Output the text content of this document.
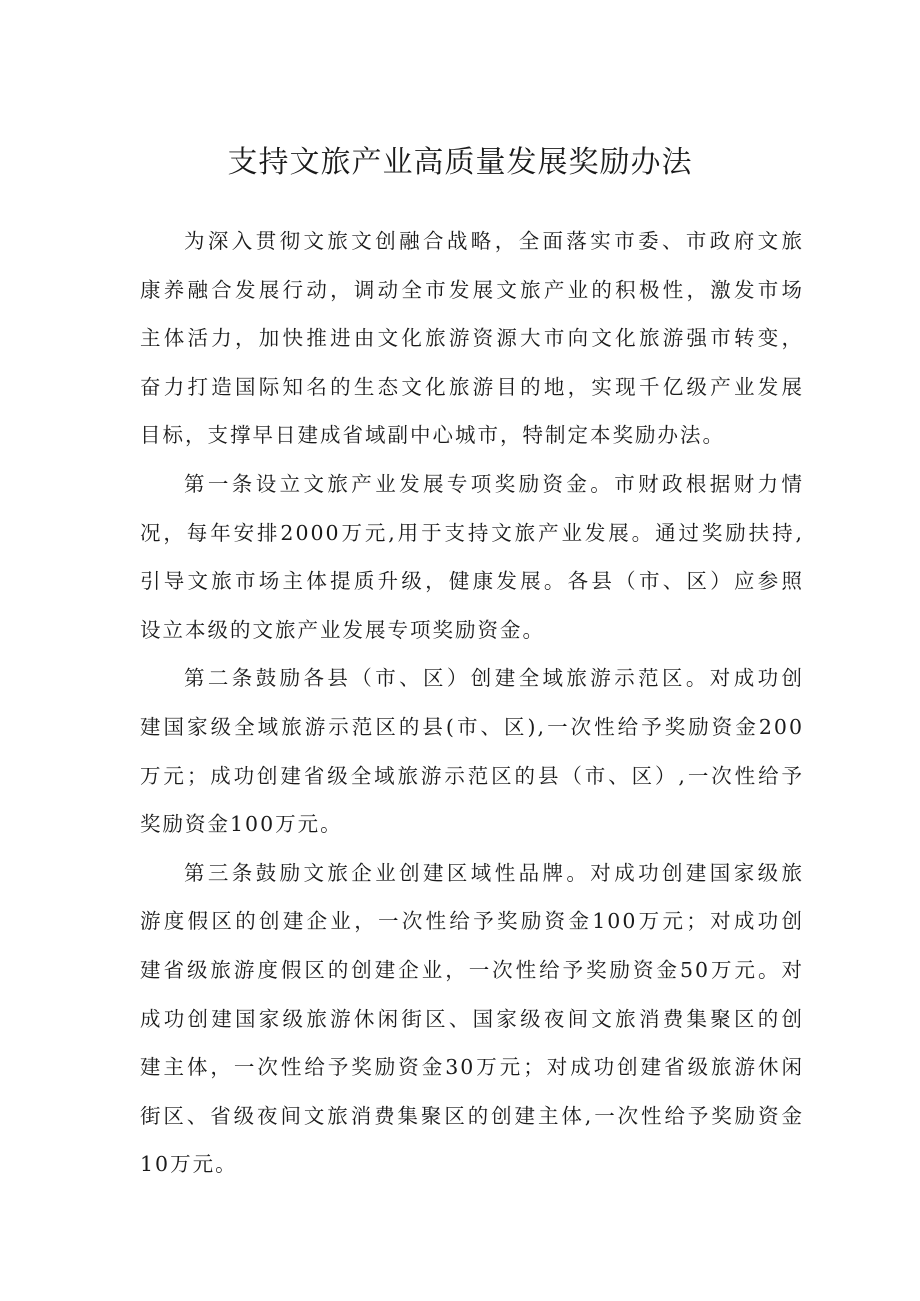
支持文旅产业高质量发展奖励办法

为深入贯彻文旅文创融合战略，全面落实市委、市政府文旅
康养融合发展行动，调动全市发展文旅产业的积极性，激发市场
主体活力，加快推进由文化旅游资源大市向文化旅游强市转变，
奋力打造国际知名的生态文化旅游目的地，实现千亿级产业发展
目标，支撑早日建成省域副中心城市，特制定本奖励办法。

第一条设立文旅产业发展专项奖励资金。市财政根据财力情
况，每年安排2000万元,用于支持文旅产业发展。通过奖励扶持,
引导文旅市场主体提质升级，健康发展。各县（市、区）应参照
设立本级的文旅产业发展专项奖励资金。

第二条鼓励各县（市、区）创建全域旅游示范区。对成功创
建国家级全域旅游示范区的县(市、区),一次性给予奖励资金200
万元；成功创建省级全域旅游示范区的县（市、区）,一次性给予
奖励资金100万元。

第三条鼓励文旅企业创建区域性品牌。对成功创建国家级旅
游度假区的创建企业，一次性给予奖励资金100万元；对成功创
建省级旅游度假区的创建企业，一次性给予奖励资金50万元。对
成功创建国家级旅游休闲街区、国家级夜间文旅消费集聚区的创
建主体，一次性给予奖励资金30万元；对成功创建省级旅游休闲
街区、省级夜间文旅消费集聚区的创建主体,一次性给予奖励资金
10万元。
